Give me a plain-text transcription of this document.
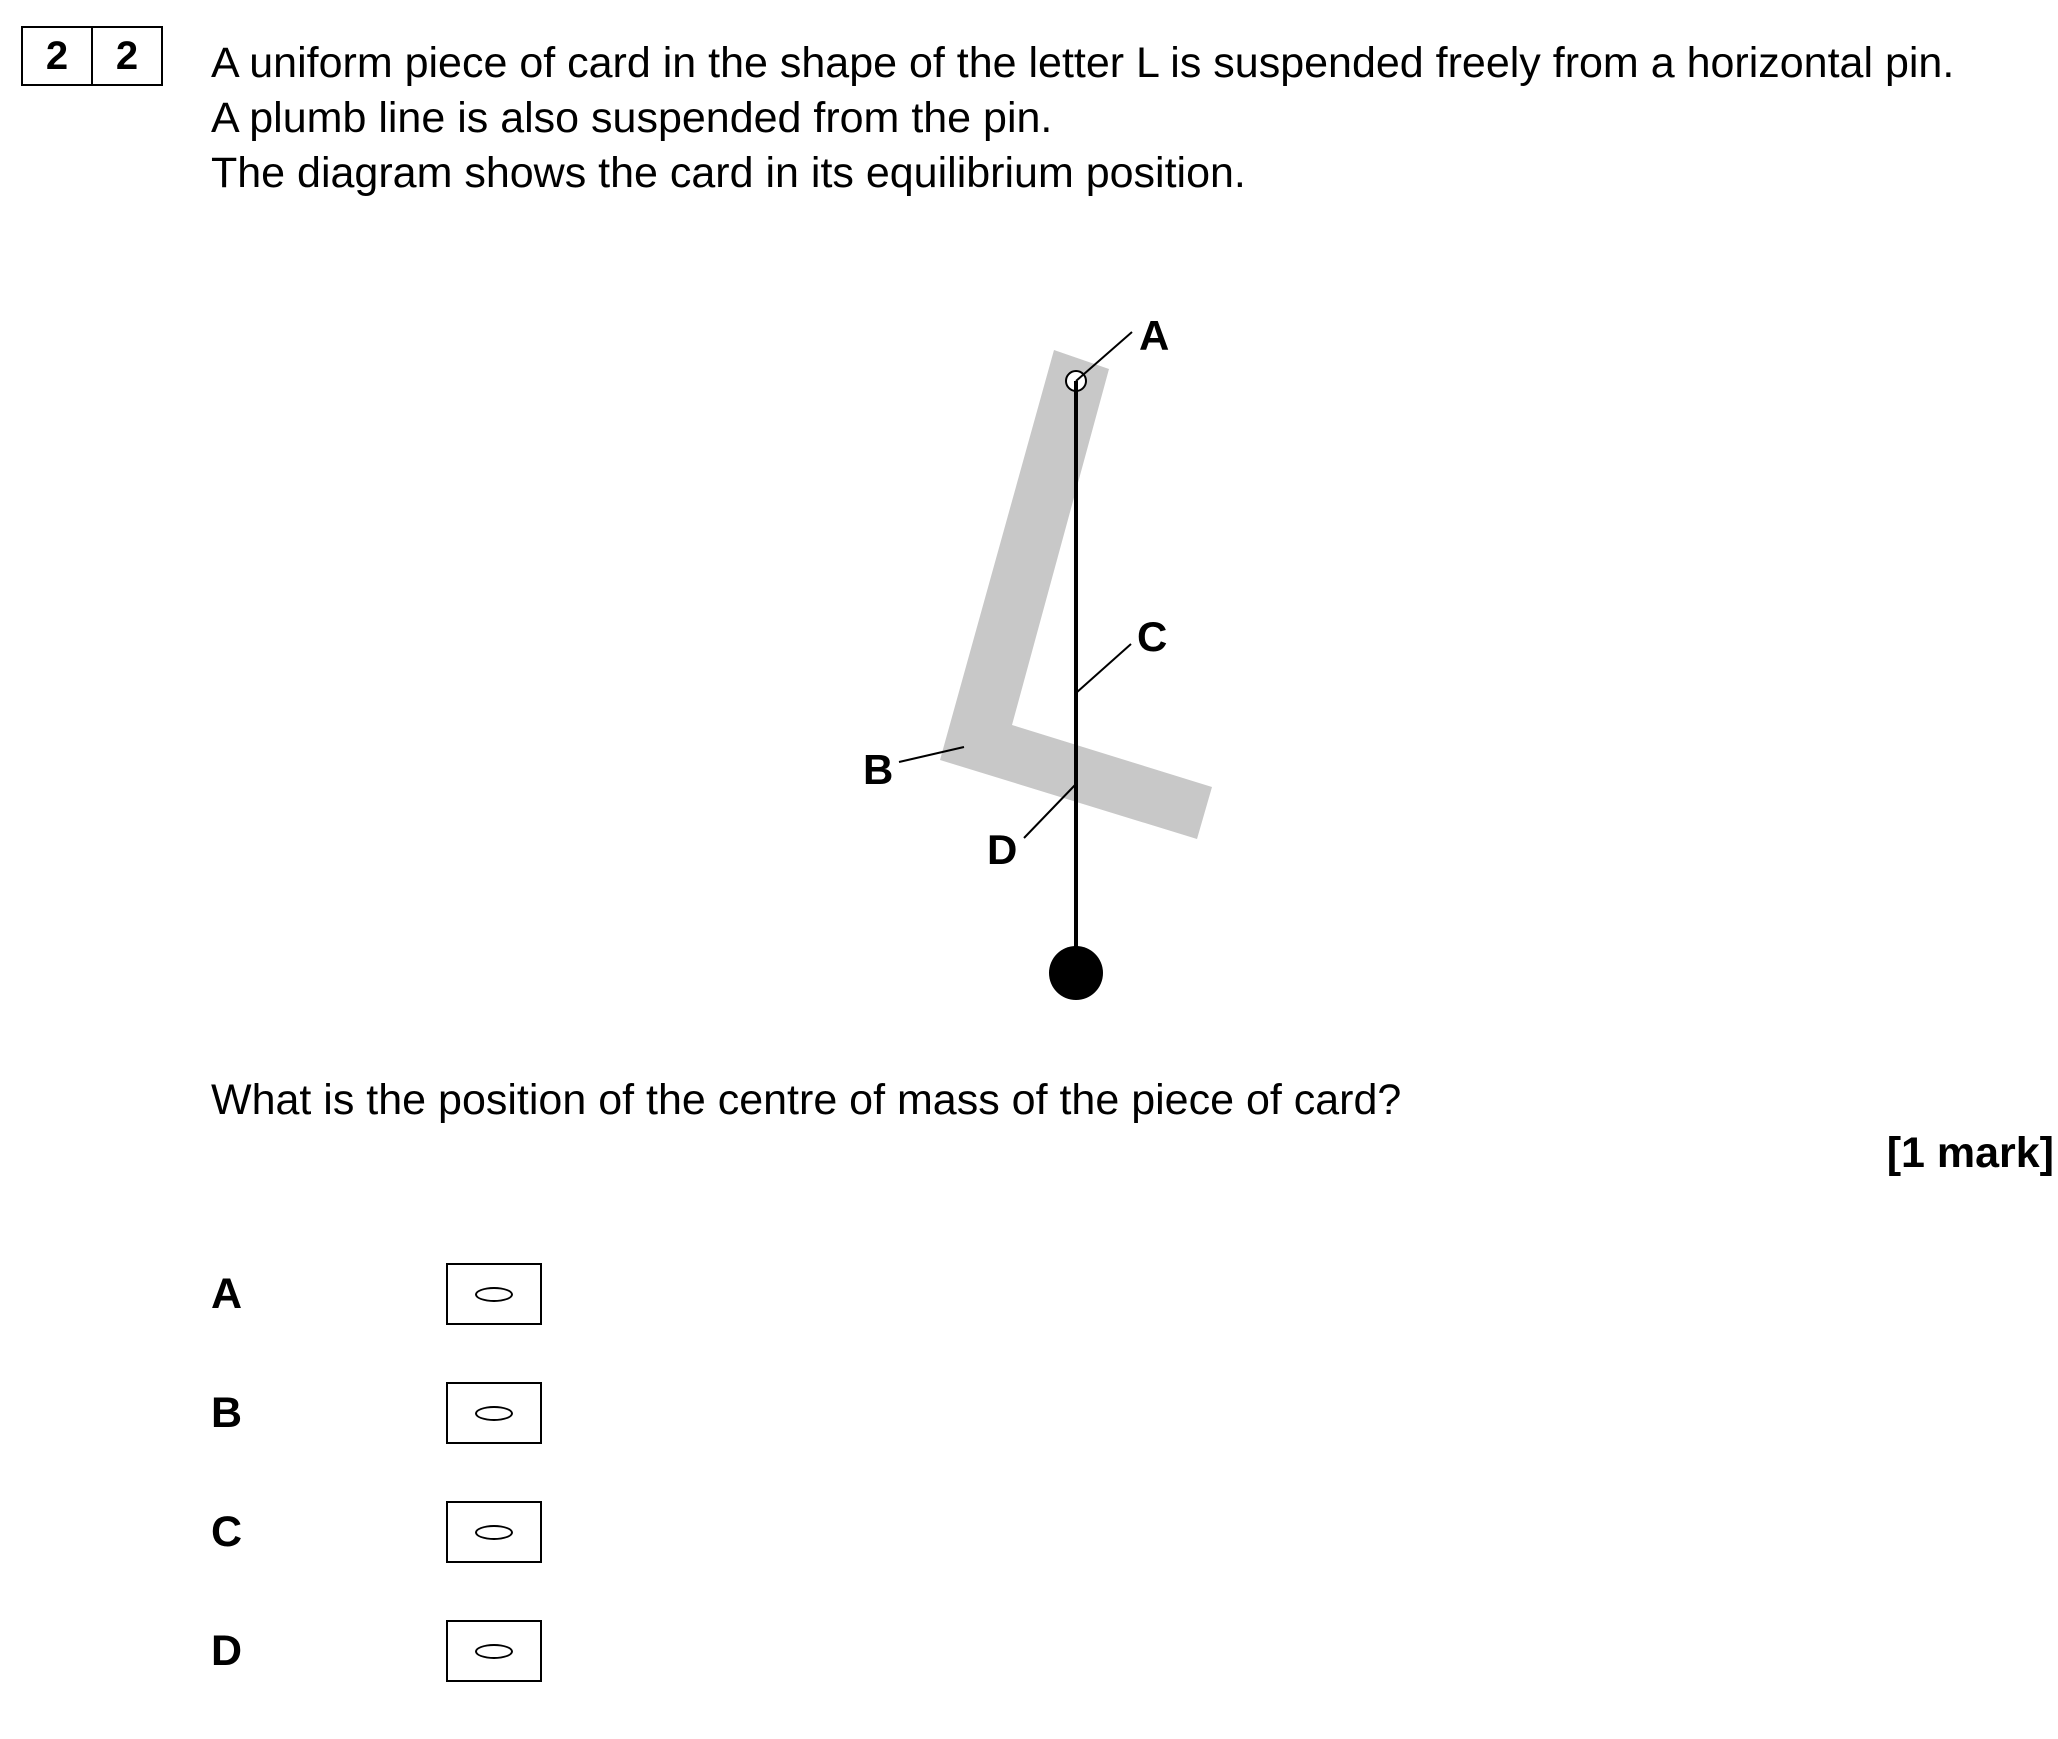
2	2	A uniform piece of card in the shape of the letter L is suspended freely from a horizontal pin.

A plumb line is also suspended from the pin.

The diagram shows the card in its equilibrium position.

A
C
B
D
What is the position of the centre of mass of the piece of card?
[1 mark]
A
B
C
D
